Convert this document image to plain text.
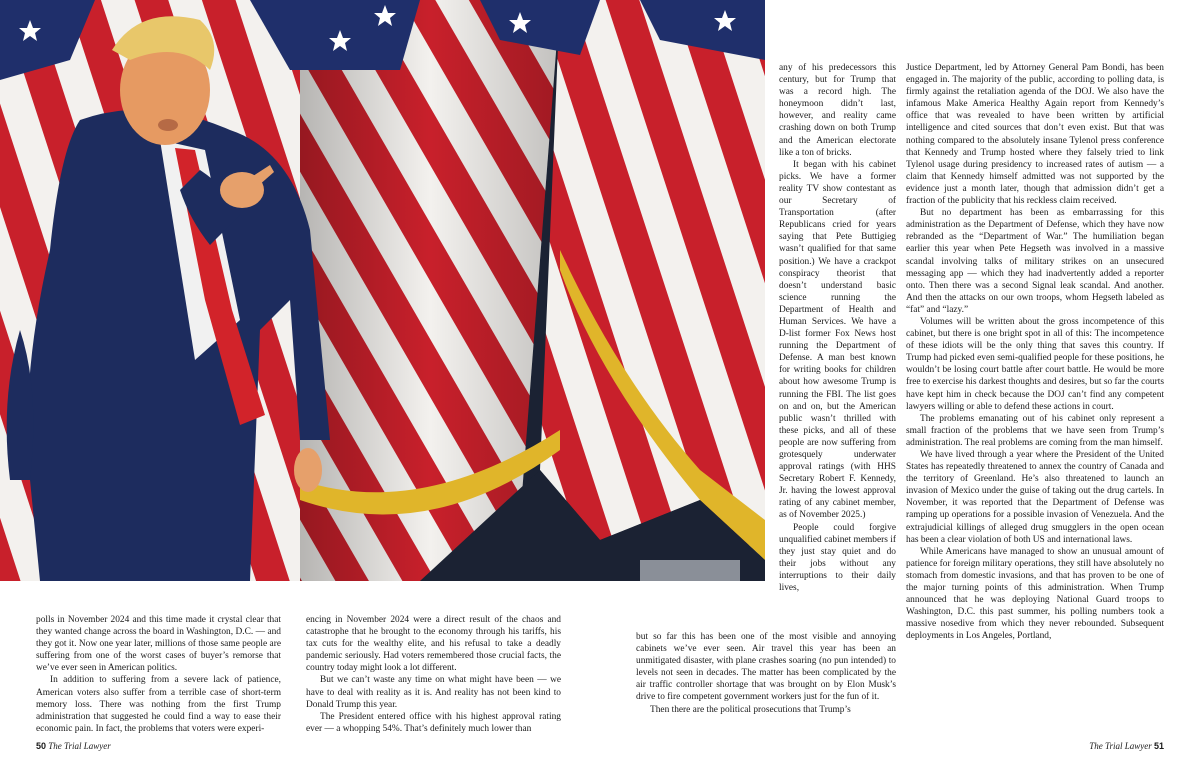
polls in November 2024 and this time made it crystal clear that they wanted change across the board in Washington, D.C. — and they got it. Now one year later, millions of those same people are suffering from one of the worst cases of buyer’s remorse that we’ve ever seen in American politics.

In addition to suffering from a severe lack of patience, American voters also suffer from a terrible case of short-term memory loss. There was nothing from the first Trump administration that suggested he could find a way to ease their economic pain. In fact, the problems that voters were experi-

encing in November 2024 were a direct result of the chaos and catastrophe that he brought to the economy through his tariffs, his tax cuts for the wealthy elite, and his refusal to take a deadly pandemic seriously. Had voters remembered those crucial facts, the country today might look a lot different.

But we can’t waste any time on what might have been — we have to deal with reality as it is. And reality has not been kind to Donald Trump this year.

The President entered office with his highest approval rating ever — a whopping 54%. That’s definitely much lower than

50 The Trial Lawyer

any of his predecessors this century, but for Trump that was a record high. The honeymoon didn’t last, however, and reality came crashing down on both Trump and the American electorate like a ton of bricks.

It began with his cabinet picks. We have a former reality TV show contestant as our Secretary of Transportation (after Republicans cried for years saying that Pete Buttigieg wasn’t qualified for that same position.) We have a crackpot conspiracy theorist that doesn’t understand basic science running the Department of Health and Human Services. We have a D-list former Fox News host running the Department of Defense. A man best known for writing books for children about how awesome Trump is running the FBI. The list goes on and on, but the American public wasn’t thrilled with these picks, and all of these people are now suffering from grotesquely underwater approval ratings (with HHS Secretary Robert F. Kennedy, Jr. having the lowest approval rating of any cabinet member, as of November 2025.)

People could forgive unqualified cabinet members if they just stay quiet and do their jobs without any interruptions to their daily lives,

but so far this has been one of the most visible and annoying cabinets we’ve ever seen. Air travel this year has been an unmitigated disaster, with plane crashes soaring (no pun intended) to levels not seen in decades. The matter has been complicated by the air traffic controller shortage that was brought on by Elon Musk’s drive to fire competent government workers just for the fun of it.

Then there are the political prosecutions that Trump’s

Justice Department, led by Attorney General Pam Bondi, has been engaged in. The majority of the public, according to polling data, is firmly against the retaliation agenda of the DOJ. We also have the infamous Make America Healthy Again report from Kennedy’s office that was revealed to have been written by artificial intelligence and cited sources that don’t even exist. But that was nothing compared to the absolutely insane Tylenol press conference that Kennedy and Trump hosted where they falsely tried to link Tylenol usage during presidency to increased rates of autism — a claim that Kennedy himself admitted was not supported by the evidence just a month later, though that admission didn’t get a fraction of the publicity that his reckless claim received.

But no department has been as embarrassing for this administration as the Department of Defense, which they have now rebranded as the “Department of War.” The humiliation began earlier this year when Pete Hegseth was involved in a massive scandal involving talks of military strikes on an unsecured messaging app — which they had inadvertently added a reporter onto. Then there was a second Signal leak scandal. And another. And then the attacks on our own troops, whom Hegseth labeled as “fat” and “lazy.”

Volumes will be written about the gross incompetence of this cabinet, but there is one bright spot in all of this: The incompetence of these idiots will be the only thing that saves this country. If Trump had picked even semi-qualified people for these positions, he wouldn’t be losing court battle after court battle. He would be more free to exercise his darkest thoughts and desires, but so far the courts have kept him in check because the DOJ can’t find any competent lawyers willing or able to defend these actions in court.

The problems emanating out of his cabinet only represent a small fraction of the problems that we have seen from Trump’s administration. The real problems are coming from the man himself.

We have lived through a year where the President of the United States has repeatedly threatened to annex the country of Canada and the territory of Greenland. He’s also threatened to launch an invasion of Mexico under the guise of taking out the drug cartels. In November, it was reported that the Department of Defense was ramping up operations for a possible invasion of Venezuela. And the extrajudicial killings of alleged drug smugglers in the open ocean has been a clear violation of both US and international laws.

While Americans have managed to show an unusual amount of patience for foreign military operations, they still have absolutely no stomach from domestic invasions, and that has proven to be one of the major turning points of this administration. When Trump announced that he was deploying National Guard troops to Washington, D.C. this past summer, his polling numbers took a massive nosedive from which they never rebounded. Subsequent deployments in Los Angeles, Portland,

The Trial Lawyer 51
